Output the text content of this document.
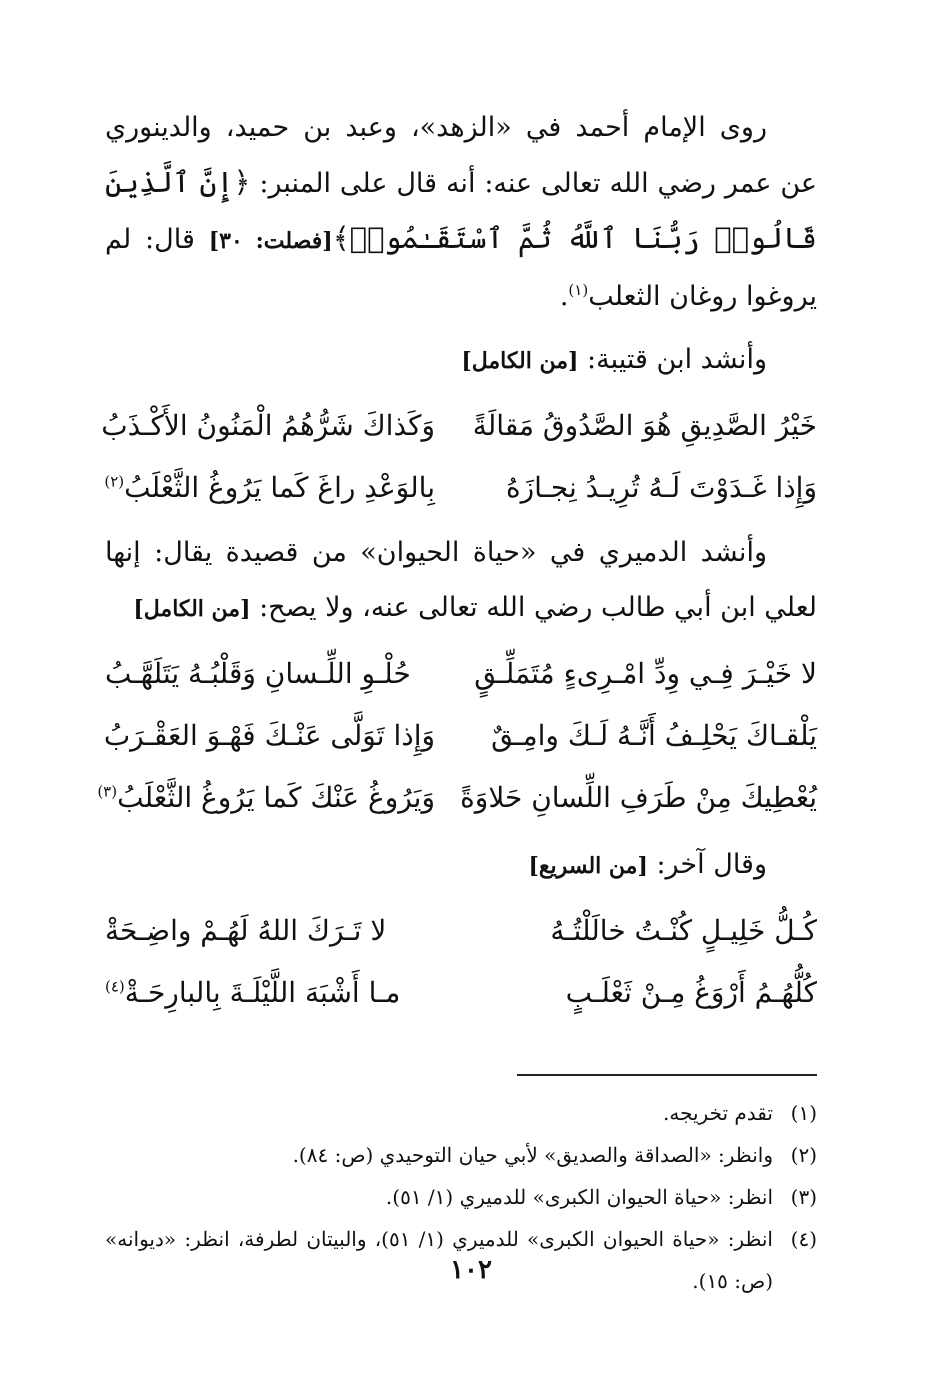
روى الإمام أحمد في «الزهد»، وعبد بن حميد، والدينوري عن عمر رضي الله تعالى عنه: أنه قال على المنبر: ﴿إِنَّ ٱلَّذِينَ قَالُوا۟ رَبُّنَا ٱللَّهُ ثُمَّ ٱسْتَقَـٰمُوا۟﴾[فصلت: ٣٠] قال: لم يروغوا روغان الثعلب$^{(١)}$.

وأنشد ابن قتيبة: [من الكامل]

خَيْرُ الصَّدِيقِ هُوَ الصَّدُوقُ مَقالَةً
وَكَذاكَ شَرُّهُمُ الْمَنُونُ الأَكْـذَبُ
وَإِذا غَـدَوْتَ لَـهُ تُرِيـدُ نِجـازَهُ
بِالوَعْدِ راغَ كَما يَرُوغُ الثَّعْلَبُ$^{(٢)}$

وأنشد الدميري في «حياة الحيوان» من قصيدة يقال: إنها لعلي ابن أبي طالب رضي الله تعالى عنه، ولا يصح: [من الكامل]

لا خَيْـرَ فِـي وِدِّ امْـرِىءٍ مُتَمَلِّـقٍ
حُلْـوِ اللِّـسانِ وَقَلْبُـهُ يَتَلَهَّـبُ
يَلْقـاكَ يَحْلِـفُ أَنَّـهُ لَـكَ وامِـقٌ
وَإِذا تَوَلَّى عَنْـكَ فَهْـوَ العَقْـرَبُ
يُعْطِيكَ مِنْ طَرَفِ اللِّسانِ حَلاوَةً
وَيَرُوغُ عَنْكَ كَما يَرُوغُ الثَّعْلَبُ$^{(٣)}$

وقال آخر: [من السريع]

كُـلُّ خَلِيـلٍ كُنْـتُ خالَلْتُـهُ
لا تَـرَكَ اللهُ لَهُـمْ واضِـحَةْ
كُلُّهُـمُ أَرْوَغُ مِـنْ ثَعْلَـبٍ
مـا أَشْبَهَ اللَّيْلَـةَ بِالبارِحَـةْ$^{(٤)}$
(١)
تقدم تخريجه.
(٢)
وانظر: «الصداقة والصديق» لأبي حيان التوحيدي (ص: ٨٤).
(٣)
انظر: «حياة الحيوان الكبرى» للدميري (١/ ٥١).
(٤)
انظر: «حياة الحيوان الكبرى» للدميري (١/ ٥١)، والبيتان لطرفة، انظر: «ديوانه» (ص: ١٥).
١٠٢
